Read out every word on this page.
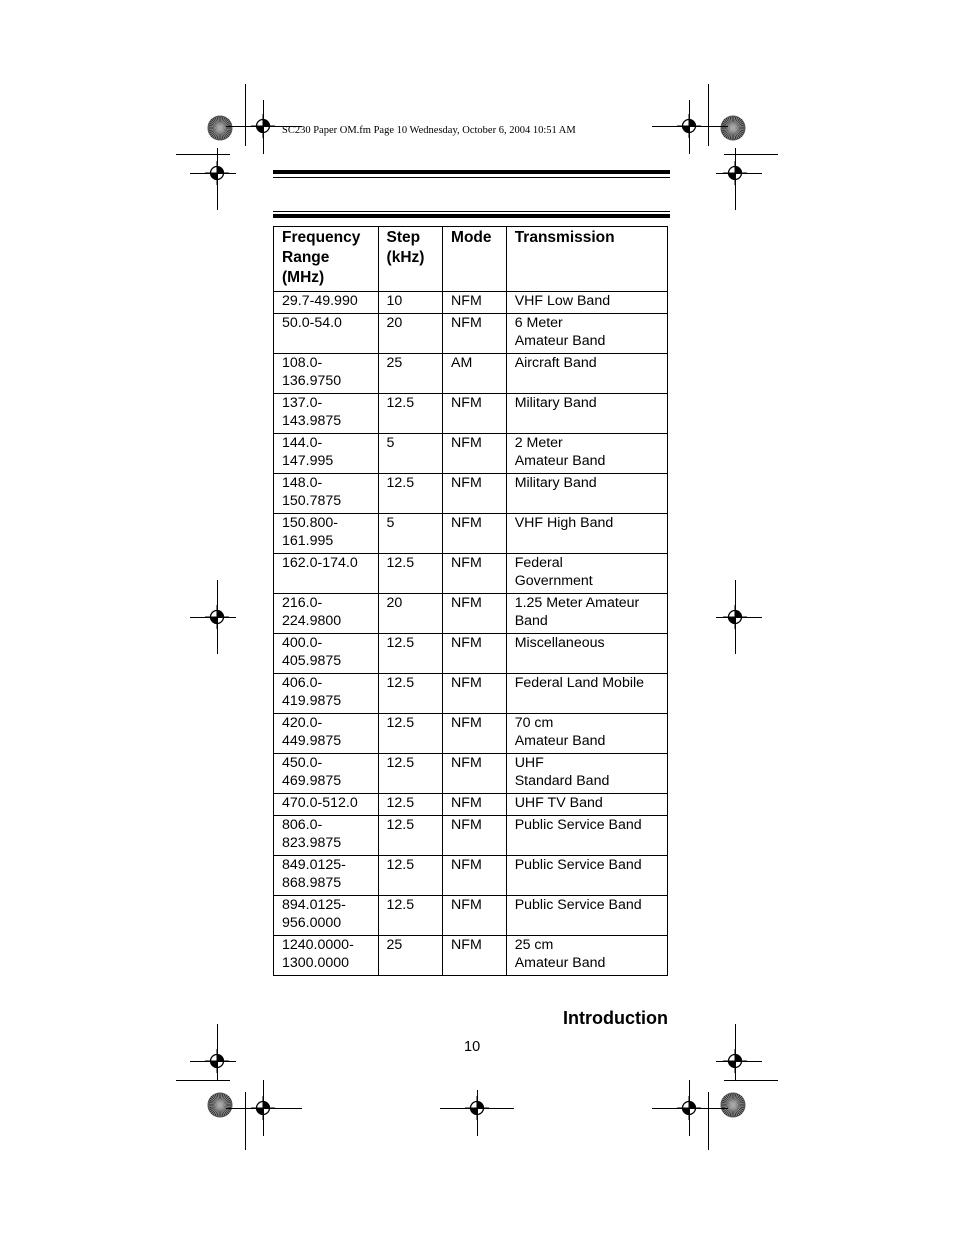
SC230 Paper OM.fm Page 10 Wednesday, October 6, 2004 10:51 AM
Frequency
Range
(MHz)	Step
(kHz)	Mode	Transmission
29.7-49.990	10	NFM	VHF Low Band
50.0-54.0	20	NFM	6 Meter
Amateur Band
108.0-
136.9750	25	AM	Aircraft Band
137.0-
143.9875	12.5	NFM	Military Band
144.0-
147.995	5	NFM	2 Meter
Amateur Band
148.0-
150.7875	12.5	NFM	Military Band
150.800-
161.995	5	NFM	VHF High Band
162.0-174.0	12.5	NFM	Federal
Government
216.0-
224.9800	20	NFM	1.25 Meter Amateur
Band
400.0-
405.9875	12.5	NFM	Miscellaneous
406.0-
419.9875	12.5	NFM	Federal Land Mobile
420.0-
449.9875	12.5	NFM	70 cm
Amateur Band
450.0-
469.9875	12.5	NFM	UHF
Standard Band
470.0-512.0	12.5	NFM	UHF TV Band
806.0-
823.9875	12.5	NFM	Public Service Band
849.0125-
868.9875	12.5	NFM	Public Service Band
894.0125-
956.0000	12.5	NFM	Public Service Band
1240.0000-
1300.0000	25	NFM	25 cm
Amateur Band
Introduction
10
